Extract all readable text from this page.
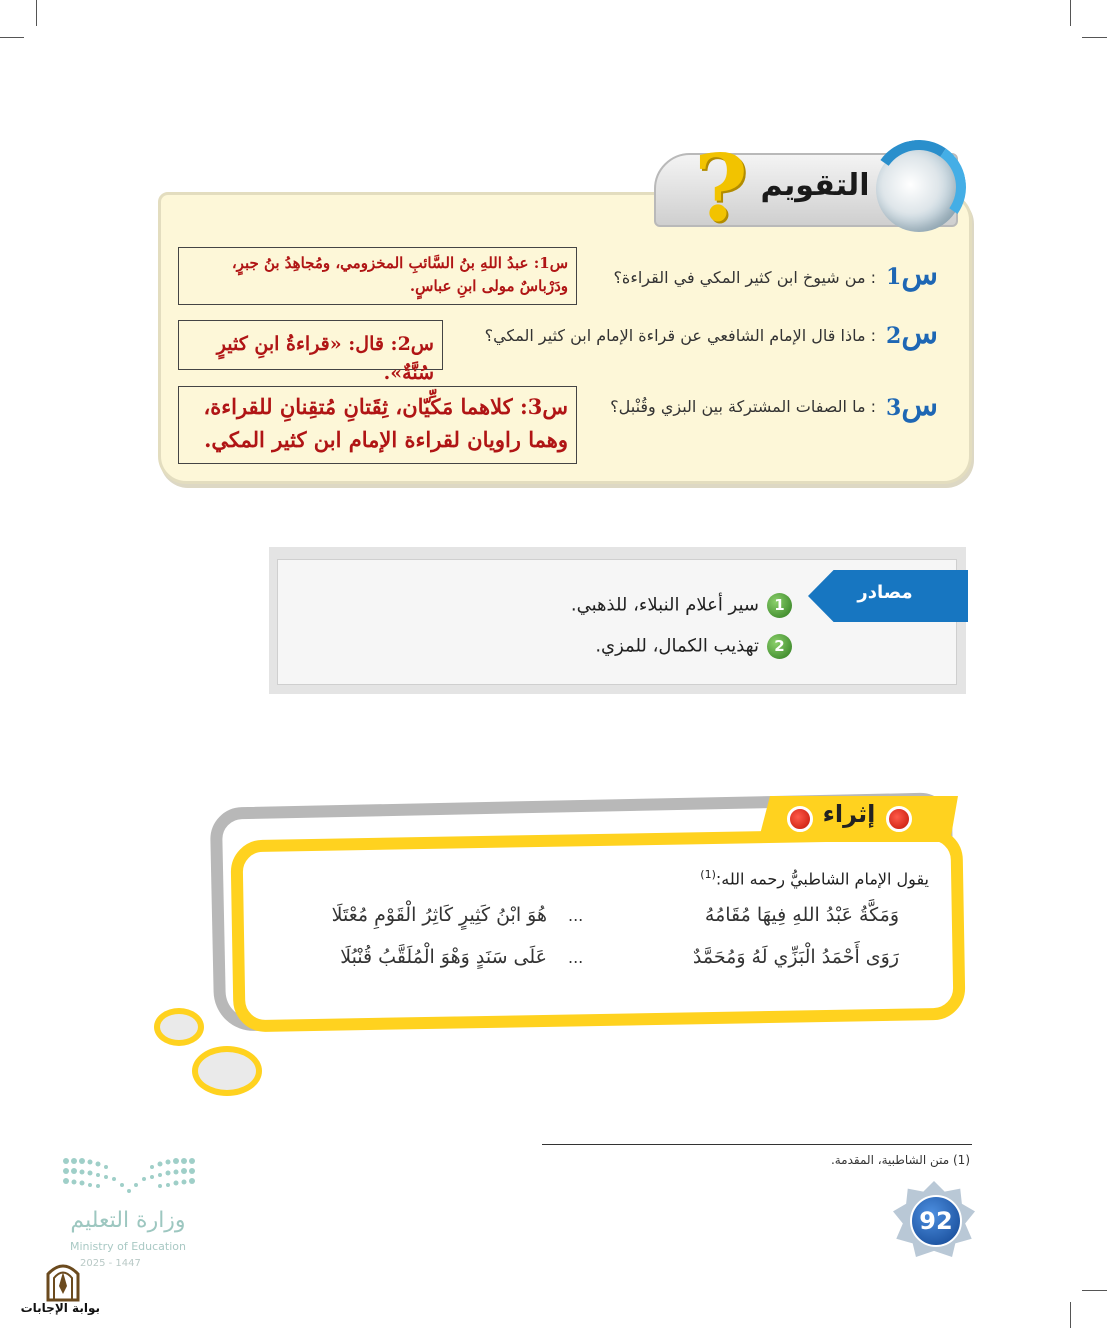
? التقويم
س1
: من شيوخ ابن كثير المكي في القراءة؟
س1: عبدُ اللهِ بنُ السَّائبِ المخزومي، ومُجاهِدُ بنُ جبرٍ،
ودَرْباسٌ مولى ابنِ عباسٍ.
س2
: ماذا قال الإمام الشافعي عن قراءة الإمام ابن كثير المكي؟
س2: قال: «قراءةُ ابنِ كثيرٍ سُنَّةٌ».
س3
: ما الصفات المشتركة بين البزي وقُنْبل؟
س3: كلاهما مَكِّيّان، ثِقَتانِ مُتقِنانِ للقراءة،
وهما راويان لقراءة الإمام ابن كثير المكي.
مصادر
1سير أعلام النبلاء، للذهبي.
2تهذيب الكمال، للمزي.
إثراء
يقول الإمام الشاطبيُّ رحمه الله:$^{(1)}$
وَمَكَّةُ عَبْدُ اللهِ فِيهَا مُقَامُهُ
...
هُوَ ابْنُ كَثِيرٍ كَاثِرُ الْقَوْمِ مُعْتَلَا
رَوَى أَحْمَدُ الْبَزِّي لَهُ وَمُحَمَّدٌ
...
عَلَى سَنَدٍ وَهْوَ الْمُلَقَّبُ قُنْبُلَا
(1) متن الشاطبية، المقدمة.
92
وزارة التعليم
Ministry of Education
2025 - 1447
بوابة الإجابات
